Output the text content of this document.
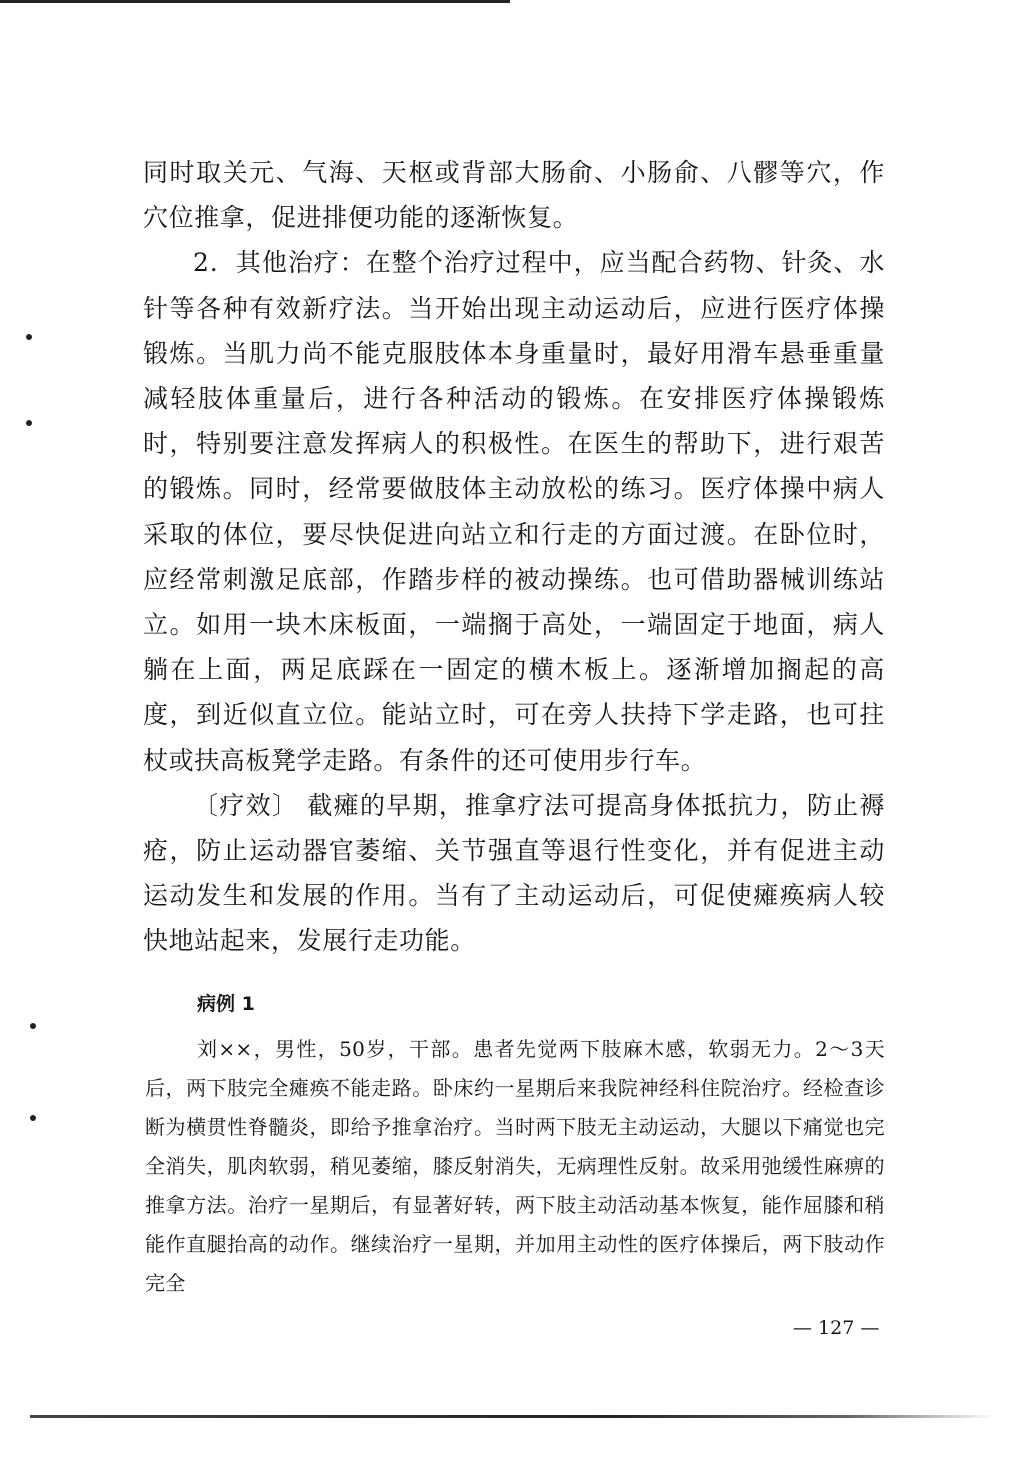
同时取关元、气海、天枢或背部大肠俞、小肠俞、八髎等穴，作穴位推拿，促进排便功能的逐渐恢复。

2．其他治疗：在整个治疗过程中，应当配合药物、针灸、水针等各种有效新疗法。当开始出现主动运动后，应进行医疗体操锻炼。当肌力尚不能克服肢体本身重量时，最好用滑车悬垂重量减轻肢体重量后，进行各种活动的锻炼。在安排医疗体操锻炼时，特别要注意发挥病人的积极性。在医生的帮助下，进行艰苦的锻炼。同时，经常要做肢体主动放松的练习。医疗体操中病人采取的体位，要尽快促进向站立和行走的方面过渡。在卧位时，应经常刺激足底部，作踏步样的被动操练。也可借助器械训练站立。如用一块木床板面，一端搁于高处，一端固定于地面，病人躺在上面，两足底踩在一固定的横木板上。逐渐增加搁起的高度，到近似直立位。能站立时，可在旁人扶持下学走路，也可拄杖或扶高板凳学走路。有条件的还可使用步行车。

〔疗效〕 截瘫的早期，推拿疗法可提高身体抵抗力，防止褥疮，防止运动器官萎缩、关节强直等退行性变化，并有促进主动运动发生和发展的作用。当有了主动运动后，可促使瘫痪病人较快地站起来，发展行走功能。

病例 1

刘××，男性，50岁，干部。患者先觉两下肢麻木感，软弱无力。2～3天后，两下肢完全瘫痪不能走路。卧床约一星期后来我院神经科住院治疗。经检查诊断为横贯性脊髓炎，即给予推拿治疗。当时两下肢无主动运动，大腿以下痛觉也完全消失，肌肉软弱，稍见萎缩，膝反射消失，无病理性反射。故采用弛缓性麻痹的推拿方法。治疗一星期后，有显著好转，两下肢主动活动基本恢复，能作屈膝和稍能作直腿抬高的动作。继续治疗一星期，并加用主动性的医疗体操后，两下肢动作完全

— 127 —
